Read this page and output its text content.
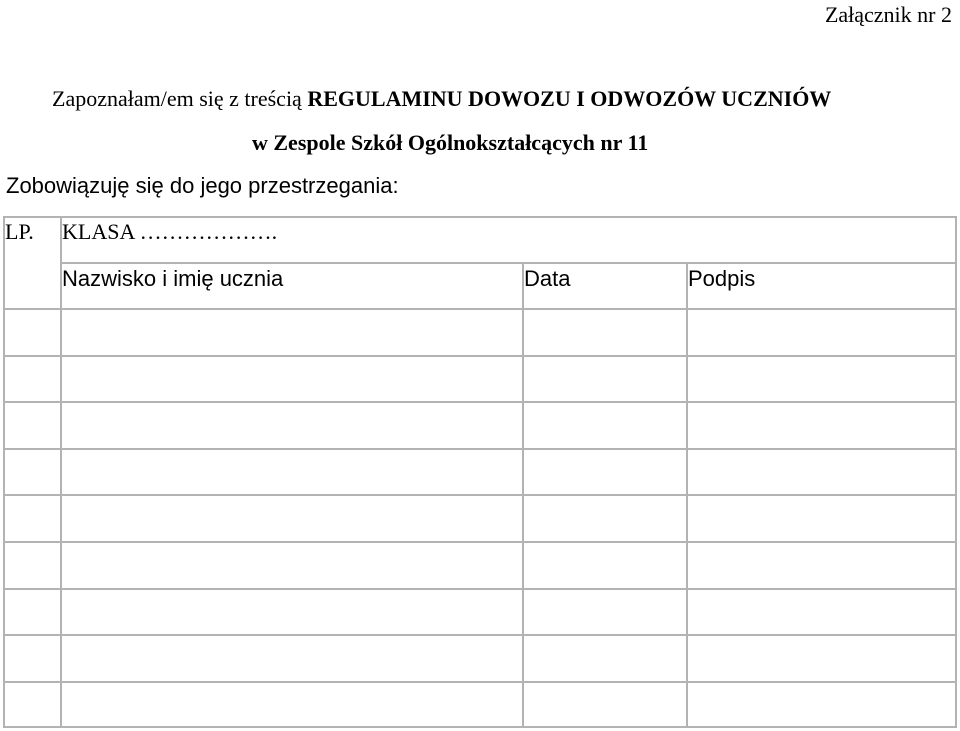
Załącznik nr 2
Zapoznałam/em się z treścią REGULAMINU DOWOZU I ODWOZÓW UCZNIÓW
w Zespole Szkół Ogólnokształcących nr 11
Zobowiązuję się do jego przestrzegania:
LP. KLASA ……………….
Nazwisko i imię ucznia	Data	Podpis
